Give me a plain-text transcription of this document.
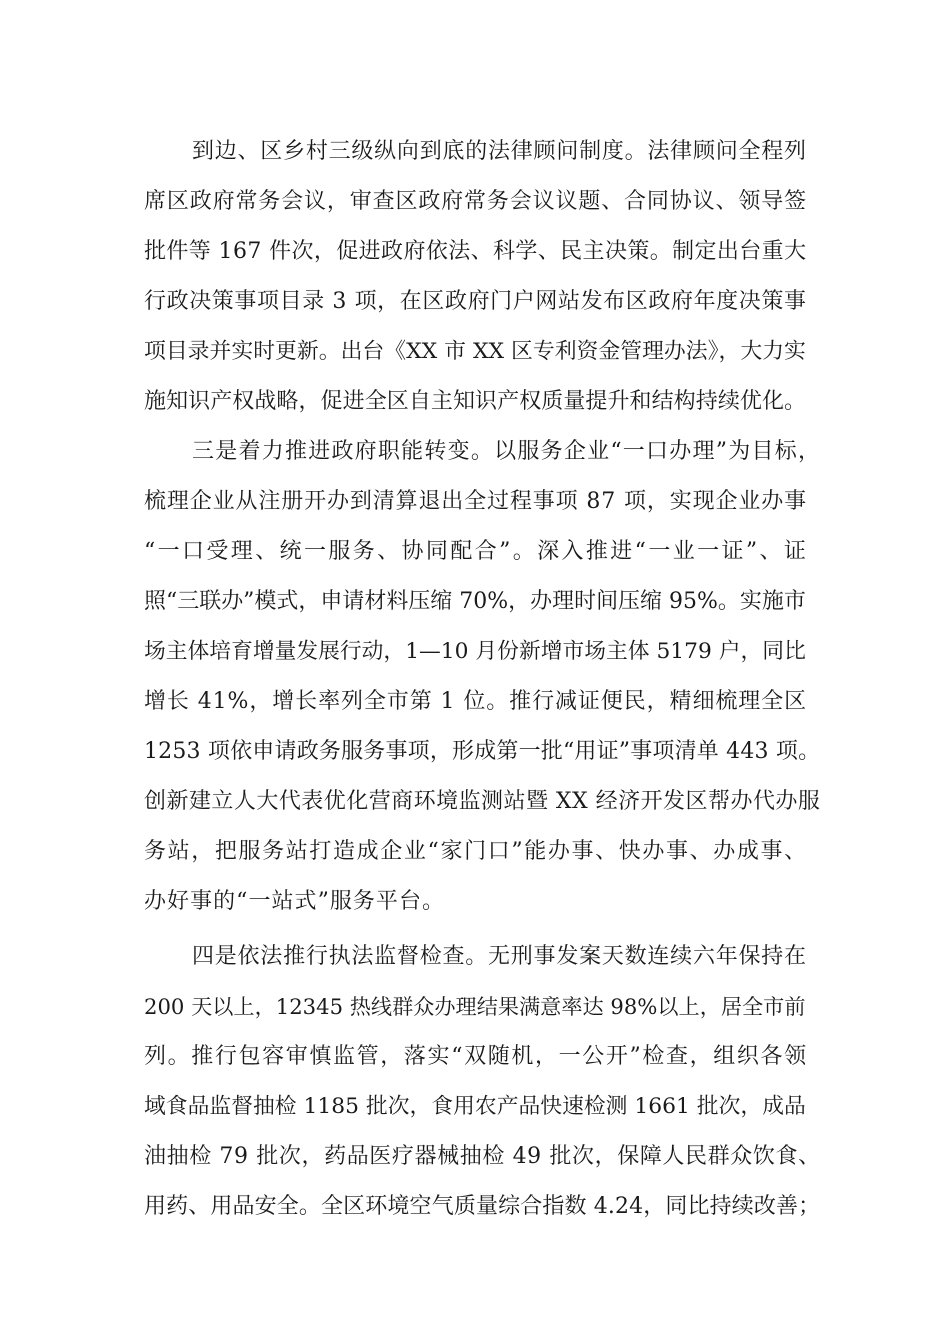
到边、区乡村三级纵向到底的法律顾问制度。法律顾问全程列
席区政府常务会议，审查区政府常务会议议题、合同协议、领导签
批件等 167 件次，促进政府依法、科学、民主决策。制定出台重大
行政决策事项目录 3 项，在区政府门户网站发布区政府年度决策事
项目录并实时更新。出台《XX 市 XX 区专利资金管理办法》，大力实
施知识产权战略，促进全区自主知识产权质量提升和结构持续优化。
三是着力推进政府职能转变。以服务企业“一口办理”为目标，
梳理企业从注册开办到清算退出全过程事项 87 项，实现企业办事
“一口受理、统一服务、协同配合”。深入推进“一业一证”、证
照“三联办”模式，申请材料压缩 70%，办理时间压缩 95%。实施市
场主体培育增量发展行动，1—10 月份新增市场主体 5179 户，同比
增长 41%，增长率列全市第 1 位。推行减证便民，精细梳理全区
1253 项依申请政务服务事项，形成第一批“用证”事项清单 443 项。
创新建立人大代表优化营商环境监测站暨 XX 经济开发区帮办代办服
务站，把服务站打造成企业“家门口”能办事、快办事、办成事、
办好事的“一站式”服务平台。
四是依法推行执法监督检查。无刑事发案天数连续六年保持在
200 天以上，12345 热线群众办理结果满意率达 98%以上，居全市前
列。推行包容审慎监管，落实“双随机，一公开”检查，组织各领
域食品监督抽检 1185 批次，食用农产品快速检测 1661 批次，成品
油抽检 79 批次，药品医疗器械抽检 49 批次，保障人民群众饮食、
用药、用品安全。全区环境空气质量综合指数 4.24，同比持续改善；
